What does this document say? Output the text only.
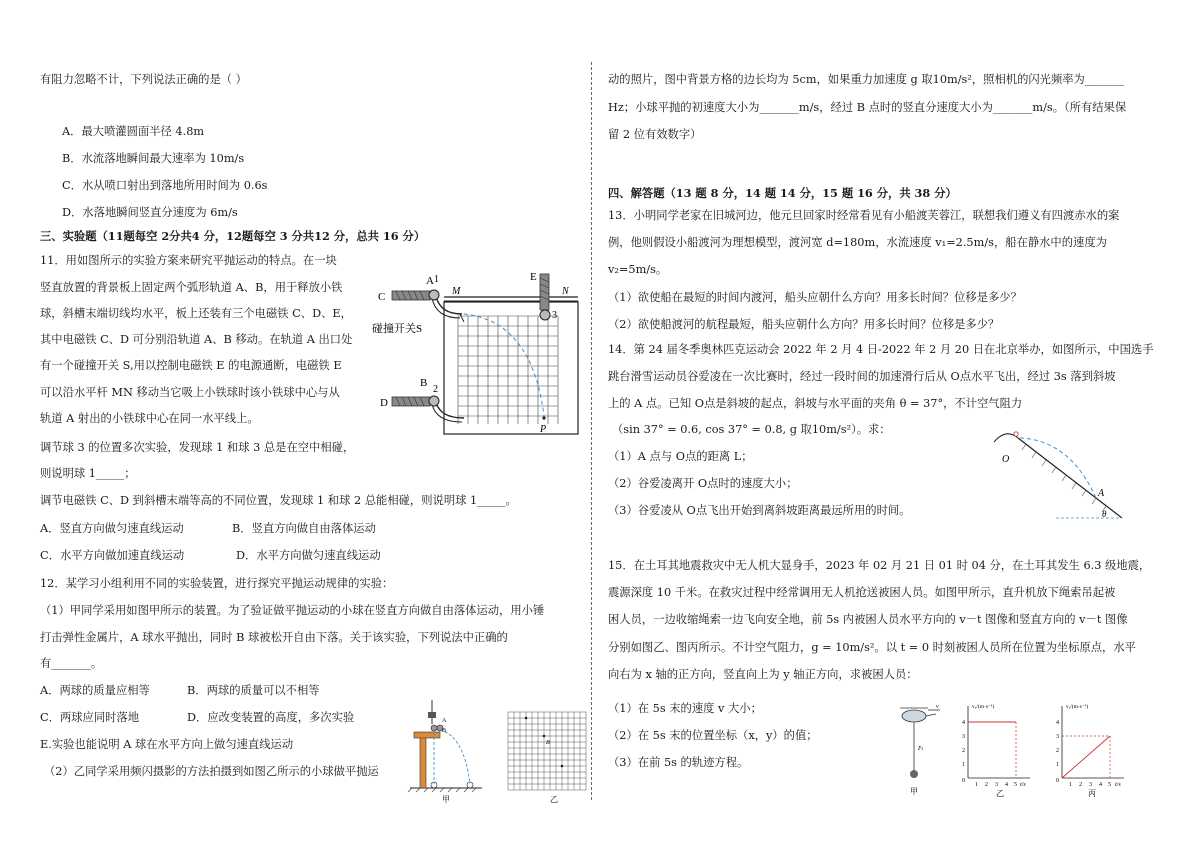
有阻力忽略不计，下列说法正确的是（ ）
A．最大喷灌圆面半径 4.8m
B．水流落地瞬间最大速率为 10m/s
C．水从喷口射出到落地所用时间为 0.6s
D．水落地瞬间竖直分速度为 6m/s
三、实验题（11题每空 2分共4 分，12题每空 3 分共12 分，总共 16 分）
11．用如图所示的实验方案来研究平抛运动的特点。在一块
竖直放置的背景板上固定两个弧形轨道 A、B，用于释放小铁
球，斜槽末端切线均水平，板上还装有三个电磁铁 C、D、E，
其中电磁铁 C、D 可分别沿轨道 A、B 移动。在轨道 A 出口处
有一个碰撞开关 S,用以控制电磁铁 E 的电源通断，电磁铁 E
可以沿水平杆 MN 移动当它吸上小铁球时该小铁球中心与从
轨道 A 射出的小铁球中心在同一水平线上。
调节球 3 的位置多次实验，发现球 1 和球 3 总是在空中相碰，
则说明球 1_____；
调节电磁铁 C、D 到斜槽末端等高的不同位置，发现球 1 和球 2 总能相碰，则说明球 1_____。
A．竖直方向做匀速直线运动	B．竖直方向做自由落体运动
C．水平方向做加速直线运动	D．水平方向做匀速直线运动
12．某学习小组利用不同的实验装置，进行探究平抛运动规律的实验：
（1）甲同学采用如图甲所示的装置。为了验证做平抛运动的小球在竖直方向做自由落体运动，用小锤
打击弹性金属片，A 球水平抛出，同时 B 球被松开自由下落。关于该实验，下列说法中正确的
有_______。
A．两球的质量应相等	B．两球的质量可以不相等
C．两球应同时落地	D．应改变装置的高度，多次实验
E.实验也能说明 A 球在水平方向上做匀速直线运动
（2）乙同学采用频闪摄影的方法拍摄到如图乙所示的小球做平抛运
A 1
C	M	N
E
3
碰撞开关S
B
2
D
P
A
B
甲
B
乙
动的照片，图中背景方格的边长均为 5cm，如果重力加速度 g 取10m/s²，照相机的闪光频率为_______
Hz；小球平抛的初速度大小为_______m/s，经过 B 点时的竖直分速度大小为_______m/s。（所有结果保
留 2 位有效数字）
四、解答题（13 题 8 分，14 题 14 分，15 题 16 分，共 38 分）
13．小明同学老家在旧城河边，他元旦回家时经常看见有小船渡芙蓉江，联想我们遵义有四渡赤水的案
例，他则假设小船渡河为理想模型，渡河宽 d=180m，水流速度 v₁=2.5m/s，船在静水中的速度为
v₂=5m/s。
（1）欲使船在最短的时间内渡河，船头应朝什么方向？用多长时间？位移是多少？
（2）欲使船渡河的航程最短，船头应朝什么方向？用多长时间？位移是多少？
14．第 24 届冬季奥林匹克运动会 2022 年 2 月 4 日-2022 年 2 月 20 日在北京举办，如图所示，中国选手
跳台滑雪运动员谷爱凌在一次比赛时，经过一段时间的加速滑行后从 O点水平飞出，经过 3s 落到斜坡
上的 A 点。已知 O点是斜坡的起点，斜坡与水平面的夹角 θ = 37°，不计空气阻力
（sin 37° = 0.6, cos 37° = 0.8, g 取10m/s²）。求：
（1）A 点与 O点的距离 L；
（2）谷爱凌离开 O点时的速度大小；
（3）谷爱凌从 O点飞出开始到离斜坡距离最远所用的时间。
15．在土耳其地震救灾中无人机大显身手，2023 年 02 月 21 日 01 时 04 分，在土耳其发生 6.3 级地震，
震源深度 10 千米。在救灾过程中经常调用无人机抢送被困人员。如图甲所示，直升机放下绳索吊起被
困人员，一边收缩绳索一边飞向安全地，前 5s 内被困人员水平方向的 v－t 图像和竖直方向的 v－t 图像
分别如图乙、图丙所示。不计空气阻力，g = 10m/s²。以 t = 0 时刻被困人员所在位置为坐标原点，水平
向右为 x 轴的正方向，竖直向上为 y 轴正方向，求被困人员：
（1）在 5s 末的速度 v 大小；
（2）在 5s 末的位置坐标（x，y）的值；
（3）在前 5s 的轨迹方程。
O
A
θ
v
Fₜ
甲
vₓ/(m·s⁻¹)
4
3
2
1
0
1 2 3 4 5 t/s
乙
vᵧ/(m·s⁻¹)
4
3
2
1
0
1 2 3 4 5 t/s
丙
